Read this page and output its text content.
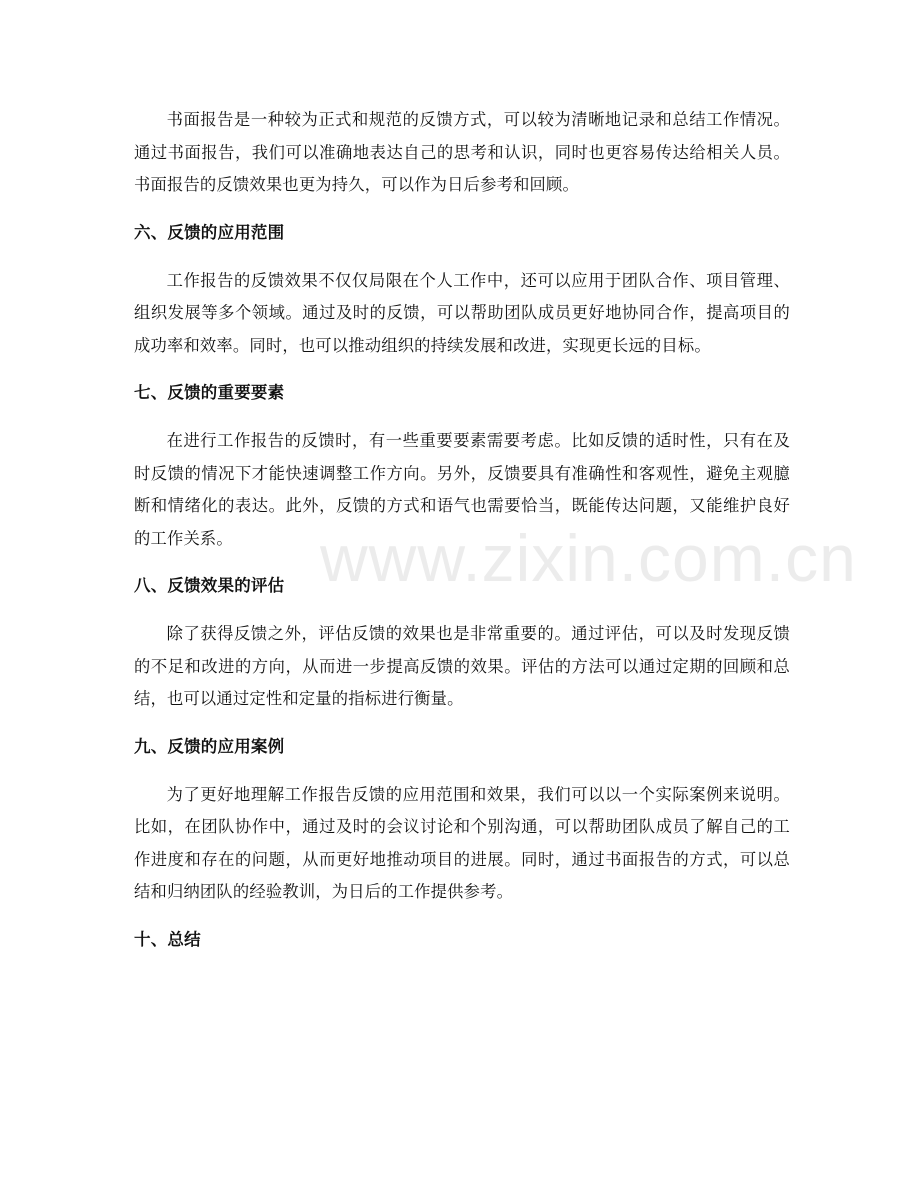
书面报告是一种较为正式和规范的反馈方式，可以较为清晰地记录和总结工作情况。通过书面报告，我们可以准确地表达自己的思考和认识，同时也更容易传达给相关人员。书面报告的反馈效果也更为持久，可以作为日后参考和回顾。

六、反馈的应用范围

工作报告的反馈效果不仅仅局限在个人工作中，还可以应用于团队合作、项目管理、组织发展等多个领域。通过及时的反馈，可以帮助团队成员更好地协同合作，提高项目的成功率和效率。同时，也可以推动组织的持续发展和改进，实现更长远的目标。

七、反馈的重要要素

在进行工作报告的反馈时，有一些重要要素需要考虑。比如反馈的适时性，只有在及时反馈的情况下才能快速调整工作方向。另外，反馈要具有准确性和客观性，避免主观臆断和情绪化的表达。此外，反馈的方式和语气也需要恰当，既能传达问题，又能维护良好的工作关系。

八、反馈效果的评估

除了获得反馈之外，评估反馈的效果也是非常重要的。通过评估，可以及时发现反馈的不足和改进的方向，从而进一步提高反馈的效果。评估的方法可以通过定期的回顾和总结，也可以通过定性和定量的指标进行衡量。

九、反馈的应用案例

为了更好地理解工作报告反馈的应用范围和效果，我们可以以一个实际案例来说明。比如，在团队协作中，通过及时的会议讨论和个别沟通，可以帮助团队成员了解自己的工作进度和存在的问题，从而更好地推动项目的进展。同时，通过书面报告的方式，可以总结和归纳团队的经验教训，为日后的工作提供参考。

十、总结
www.zixin.com.cn
